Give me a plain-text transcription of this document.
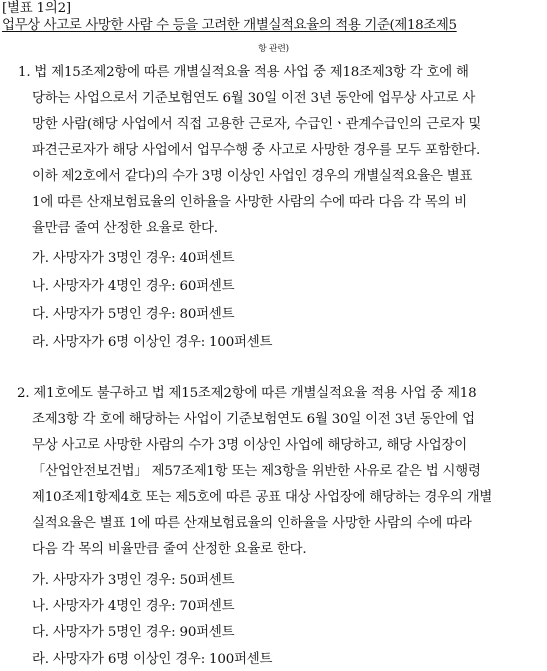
[별표 1의2]
업무상 사고로 사망한 사람 수 등을 고려한 개별실적요율의 적용 기준(제18조제5
항 관련)
1. 법 제15조제2항에 따른 개별실적요율 적용 사업 중 제18조제3항 각 호에 해
당하는 사업으로서 기준보험연도 6월 30일 이전 3년 동안에 업무상 사고로 사
망한 사람(해당 사업에서 직접 고용한 근로자, 수급인ㆍ관계수급인의 근로자 및
파견근로자가 해당 사업에서 업무수행 중 사고로 사망한 경우를 모두 포함한다.
이하 제2호에서 같다)의 수가 3명 이상인 사업인 경우의 개별실적요율은 별표
1에 따른 산재보험료율의 인하율을 사망한 사람의 수에 따라 다음 각 목의 비
율만큼 줄여 산정한 요율로 한다.
가. 사망자가 3명인 경우: 40퍼센트
나. 사망자가 4명인 경우: 60퍼센트
다. 사망자가 5명인 경우: 80퍼센트
라. 사망자가 6명 이상인 경우: 100퍼센트
2. 제1호에도 불구하고 법 제15조제2항에 따른 개별실적요율 적용 사업 중 제18
조제3항 각 호에 해당하는 사업이 기준보험연도 6월 30일 이전 3년 동안에 업
무상 사고로 사망한 사람의 수가 3명 이상인 사업에 해당하고, 해당 사업장이
「산업안전보건법」 제57조제1항 또는 제3항을 위반한 사유로 같은 법 시행령
제10조제1항제4호 또는 제5호에 따른 공표 대상 사업장에 해당하는 경우의 개별
실적요율은 별표 1에 따른 산재보험료율의 인하율을 사망한 사람의 수에 따라
다음 각 목의 비율만큼 줄여 산정한 요율로 한다.
가. 사망자가 3명인 경우: 50퍼센트
나. 사망자가 4명인 경우: 70퍼센트
다. 사망자가 5명인 경우: 90퍼센트
라. 사망자가 6명 이상인 경우: 100퍼센트
